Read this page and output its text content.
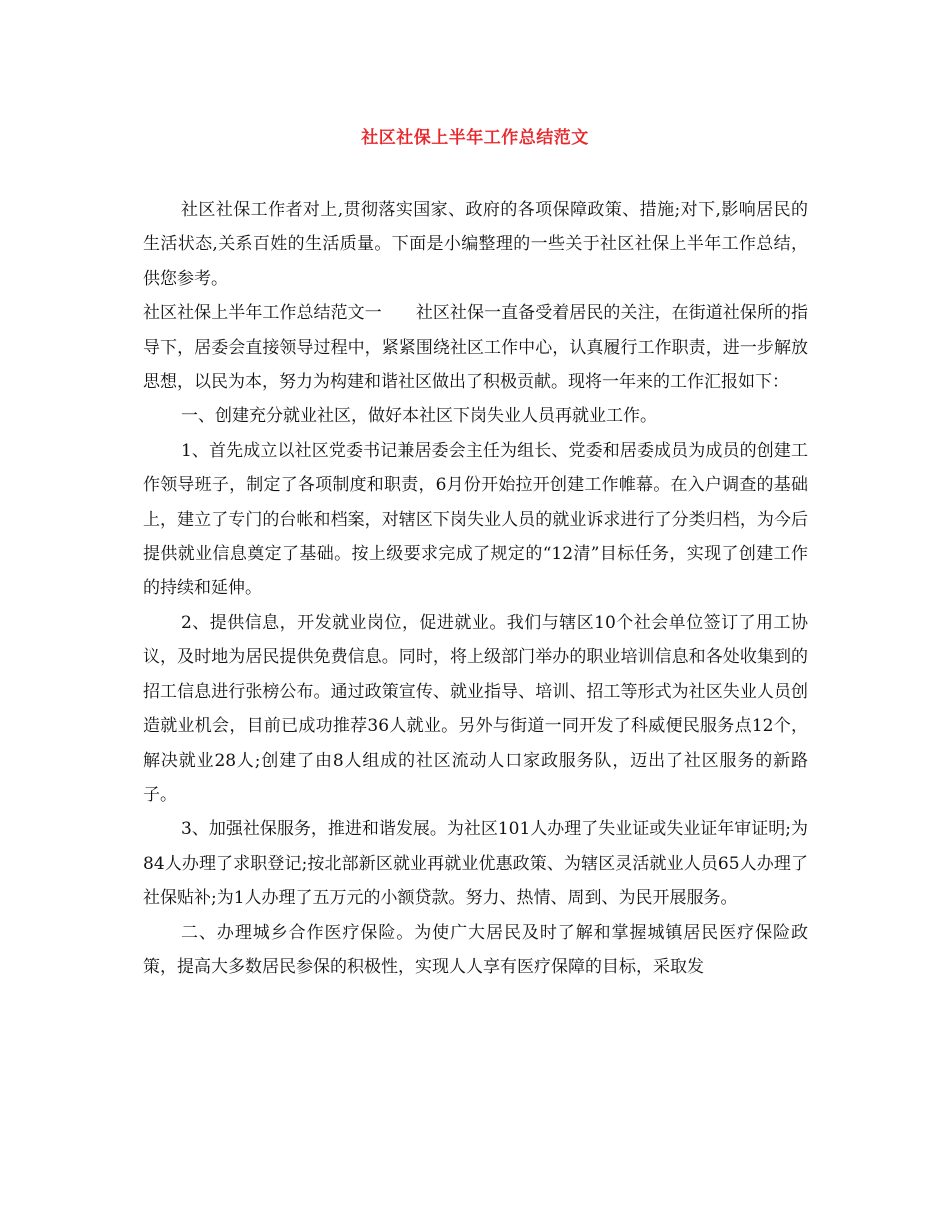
社区社保上半年工作总结范文

社区社保工作者对上,贯彻落实国家、政府的各项保障政策、措施;对下,影响居民的生活状态,关系百姓的生活质量。下面是小编整理的一些关于社区社保上半年工作总结，供您参考。

社区社保上半年工作总结范文一 社区社保一直备受着居民的关注，在街道社保所的指导下，居委会直接领导过程中，紧紧围绕社区工作中心，认真履行工作职责，进一步解放思想，以民为本，努力为构建和谐社区做出了积极贡献。现将一年来的工作汇报如下：

一、创建充分就业社区，做好本社区下岗失业人员再就业工作。

1、首先成立以社区党委书记兼居委会主任为组长、党委和居委成员为成员的创建工作领导班子，制定了各项制度和职责，6月份开始拉开创建工作帷幕。在入户调查的基础上，建立了专门的台帐和档案，对辖区下岗失业人员的就业诉求进行了分类归档，为今后提供就业信息奠定了基础。按上级要求完成了规定的“12清”目标任务，实现了创建工作的持续和延伸。

2、提供信息，开发就业岗位，促进就业。我们与辖区10个社会单位签订了用工协议，及时地为居民提供免费信息。同时，将上级部门举办的职业培训信息和各处收集到的招工信息进行张榜公布。通过政策宣传、就业指导、培训、招工等形式为社区失业人员创造就业机会，目前已成功推荐36人就业。另外与街道一同开发了科威便民服务点12个，解决就业28人;创建了由8人组成的社区流动人口家政服务队，迈出了社区服务的新路子。

3、加强社保服务，推进和谐发展。为社区101人办理了失业证或失业证年审证明;为84人办理了求职登记;按北部新区就业再就业优惠政策、为辖区灵活就业人员65人办理了社保贴补;为1人办理了五万元的小额贷款。努力、热情、周到、为民开展服务。

二、办理城乡合作医疗保险。为使广大居民及时了解和掌握城镇居民医疗保险政策，提高大多数居民参保的积极性，实现人人享有医疗保障的目标，采取发
